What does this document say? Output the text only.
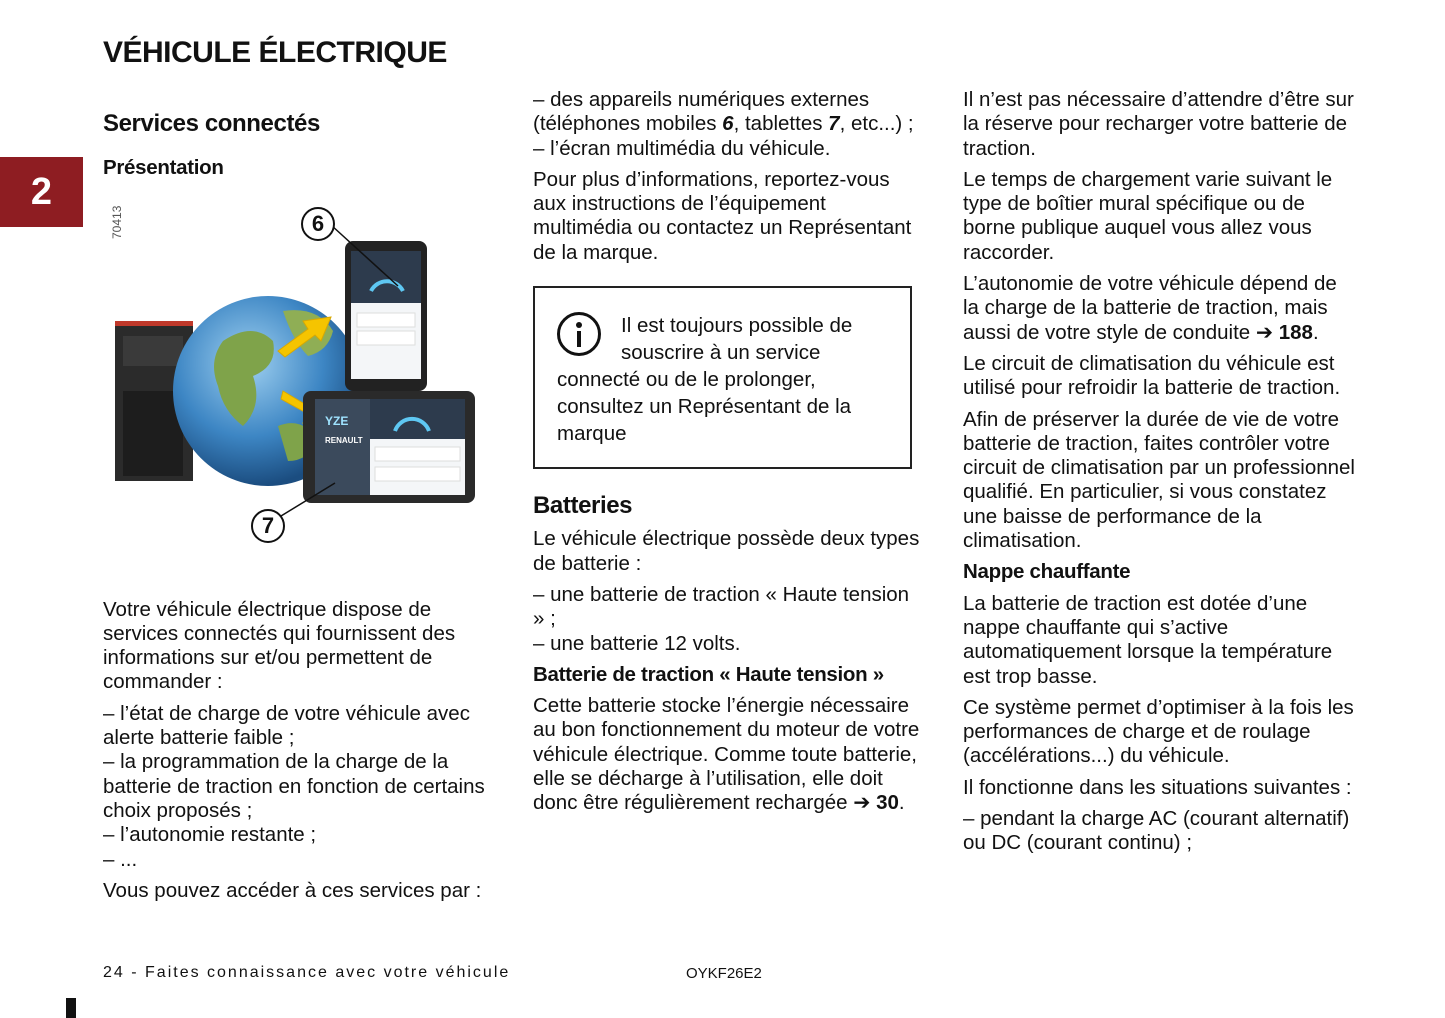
VÉHICULE ÉLECTRIQUE
2
Services connectés
Présentation
70413
YZE
RENAULT
6
7

Votre véhicule électrique dispose de services connectés qui fournissent des informations sur et/ou permettent de commander :

– l’état de charge de votre véhicule avec alerte batterie faible ;

– la programmation de la charge de la batterie de traction en fonction de certains choix proposés ;

– l’autonomie restante ;

– ...

Vous pouvez accéder à ces services par :

– des appareils numériques externes (téléphones mobiles 6, tablettes 7, etc...) ;

– l’écran multimédia du véhicule.

Pour plus d’informations, reportez-vous aux instructions de l’équipement multimédia ou contactez un Représentant de la marque.

Il est toujours possible de souscrire à un service connecté ou de le prolonger, consultez un Représentant de la marque

Batteries

Le véhicule électrique possède deux types de batterie :

– une batterie de traction « Haute tension » ;

– une batterie 12 volts.

Batterie de traction « Haute tension »

Cette batterie stocke l’énergie nécessaire au bon fonctionnement du moteur de votre véhicule électrique. Comme toute batterie, elle se décharge à l’utilisation, elle doit donc être régulièrement rechargée ➔ 30.

Il n’est pas nécessaire d’attendre d’être sur la réserve pour recharger votre batterie de traction.

Le temps de chargement varie suivant le type de boîtier mural spécifique ou de borne publique auquel vous allez vous raccorder.

L’autonomie de votre véhicule dépend de la charge de la batterie de traction, mais aussi de votre style de conduite ➔ 188.

Le circuit de climatisation du véhicule est utilisé pour refroidir la batterie de traction.

Afin de préserver la durée de vie de votre batterie de traction, faites contrôler votre circuit de climatisation par un professionnel qualifié. En particulier, si vous constatez une baisse de performance de la climatisation.

Nappe chauffante

La batterie de traction est dotée d’une nappe chauffante qui s’active automatiquement lorsque la température est trop basse.

Ce système permet d’optimiser à la fois les performances de charge et de roulage (accélérations...) du véhicule.

Il fonctionne dans les situations suivantes :

– pendant la charge AC (courant alternatif) ou DC (courant continu) ;

24 - Faites connaissance avec votre véhicule	OYKF26E2
